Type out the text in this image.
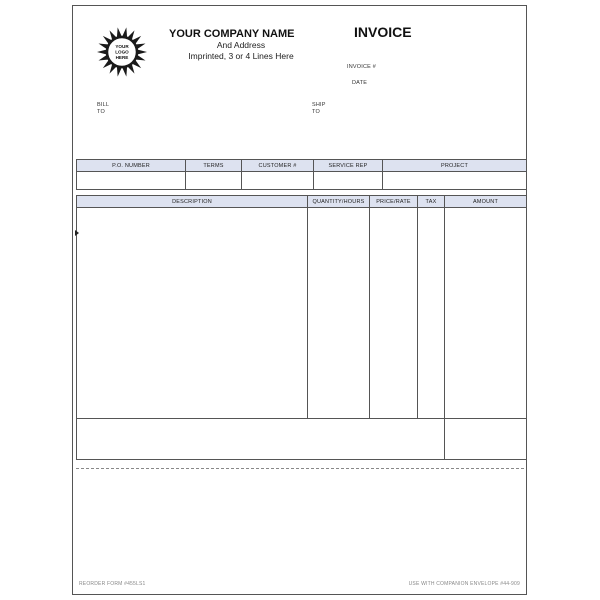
YOUR
LOGO
HERE
YOUR COMPANY NAME
And Address
Imprinted, 3 or 4 Lines Here
INVOICE
INVOICE #
DATE
BILL
TO
SHIP
TO
P.O. NUMBER	TERMS	CUSTOMER #	SERVICE REP	PROJECT

DESCRIPTION	QUANTITY/HOURS	PRICE/RATE	TAX	AMOUNT

REORDER FORM #455LS1	USE WITH COMPANION ENVELOPE #44-909
